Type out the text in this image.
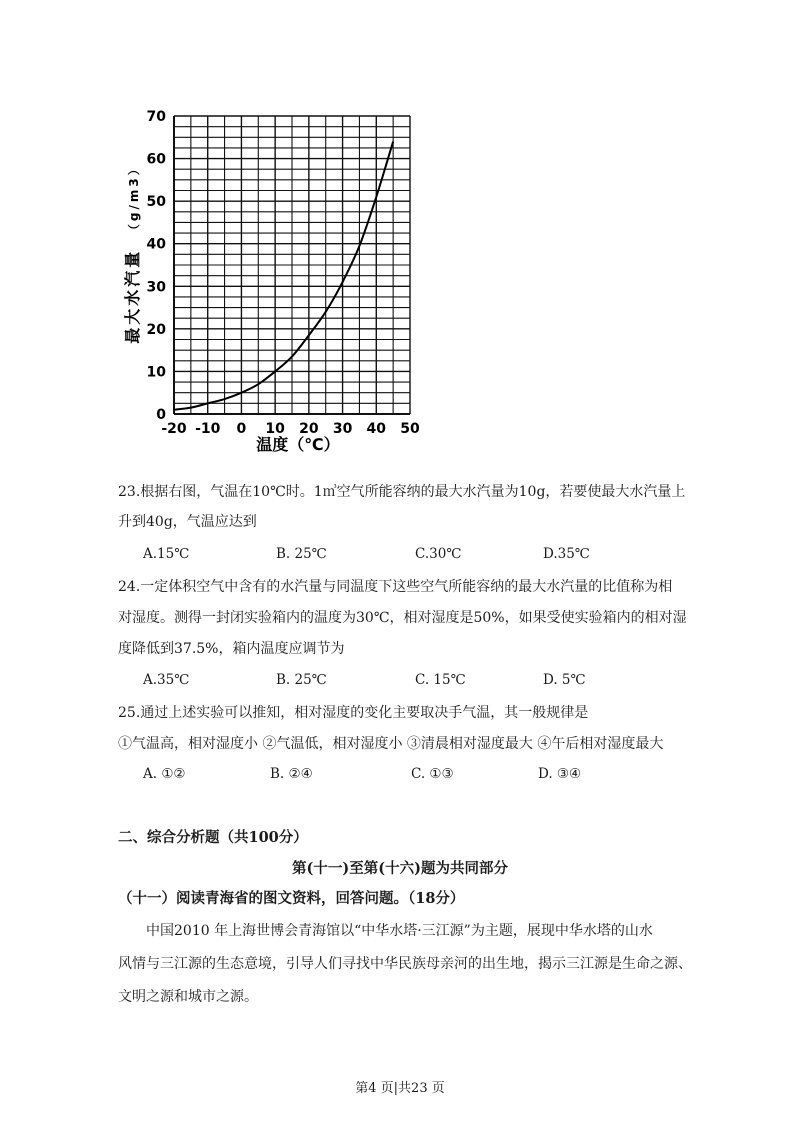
-20 -10 0 10 20 30 40 50
0
10
20
30
40
50
60
70
温度（℃）
最大水汽量 （g/m3）
23.根据右图，气温在10℃时。1㎥空气所能容纳的最大水汽量为10g，若要使最大水汽量上
升到40g，气温应达到
A.15℃	B. 25℃	C.30℃	D.35℃
24.一定体积空气中含有的水汽量与同温度下这些空气所能容纳的最大水汽量的比值称为相
对湿度。测得一封闭实验箱内的温度为30℃，相对湿度是50%，如果受使实验箱内的相对湿
度降低到37.5%，箱内温度应调节为
A.35℃	B. 25℃	C. 15℃	D. 5℃
25.通过上述实验可以推知，相对湿度的变化主要取决手气温，其一般规律是
①气温高，相对湿度小 ②气温低，相对湿度小 ③清晨相对湿度最大 ④午后相对湿度最大
A. ①②	B. ②④	C. ①③	D. ③④
二、综合分析题（共100分）
第(十一)至第(十六)题为共同部分
（十一）阅读青海省的图文资料，回答问题。（18分）
中国2010 年上海世博会青海馆以“中华水塔·三江源”为主题，展现中华水塔的山水
风情与三江源的生态意境，引导人们寻找中华民族母亲河的出生地，揭示三江源是生命之源、
文明之源和城市之源。
第4 页|共23 页
